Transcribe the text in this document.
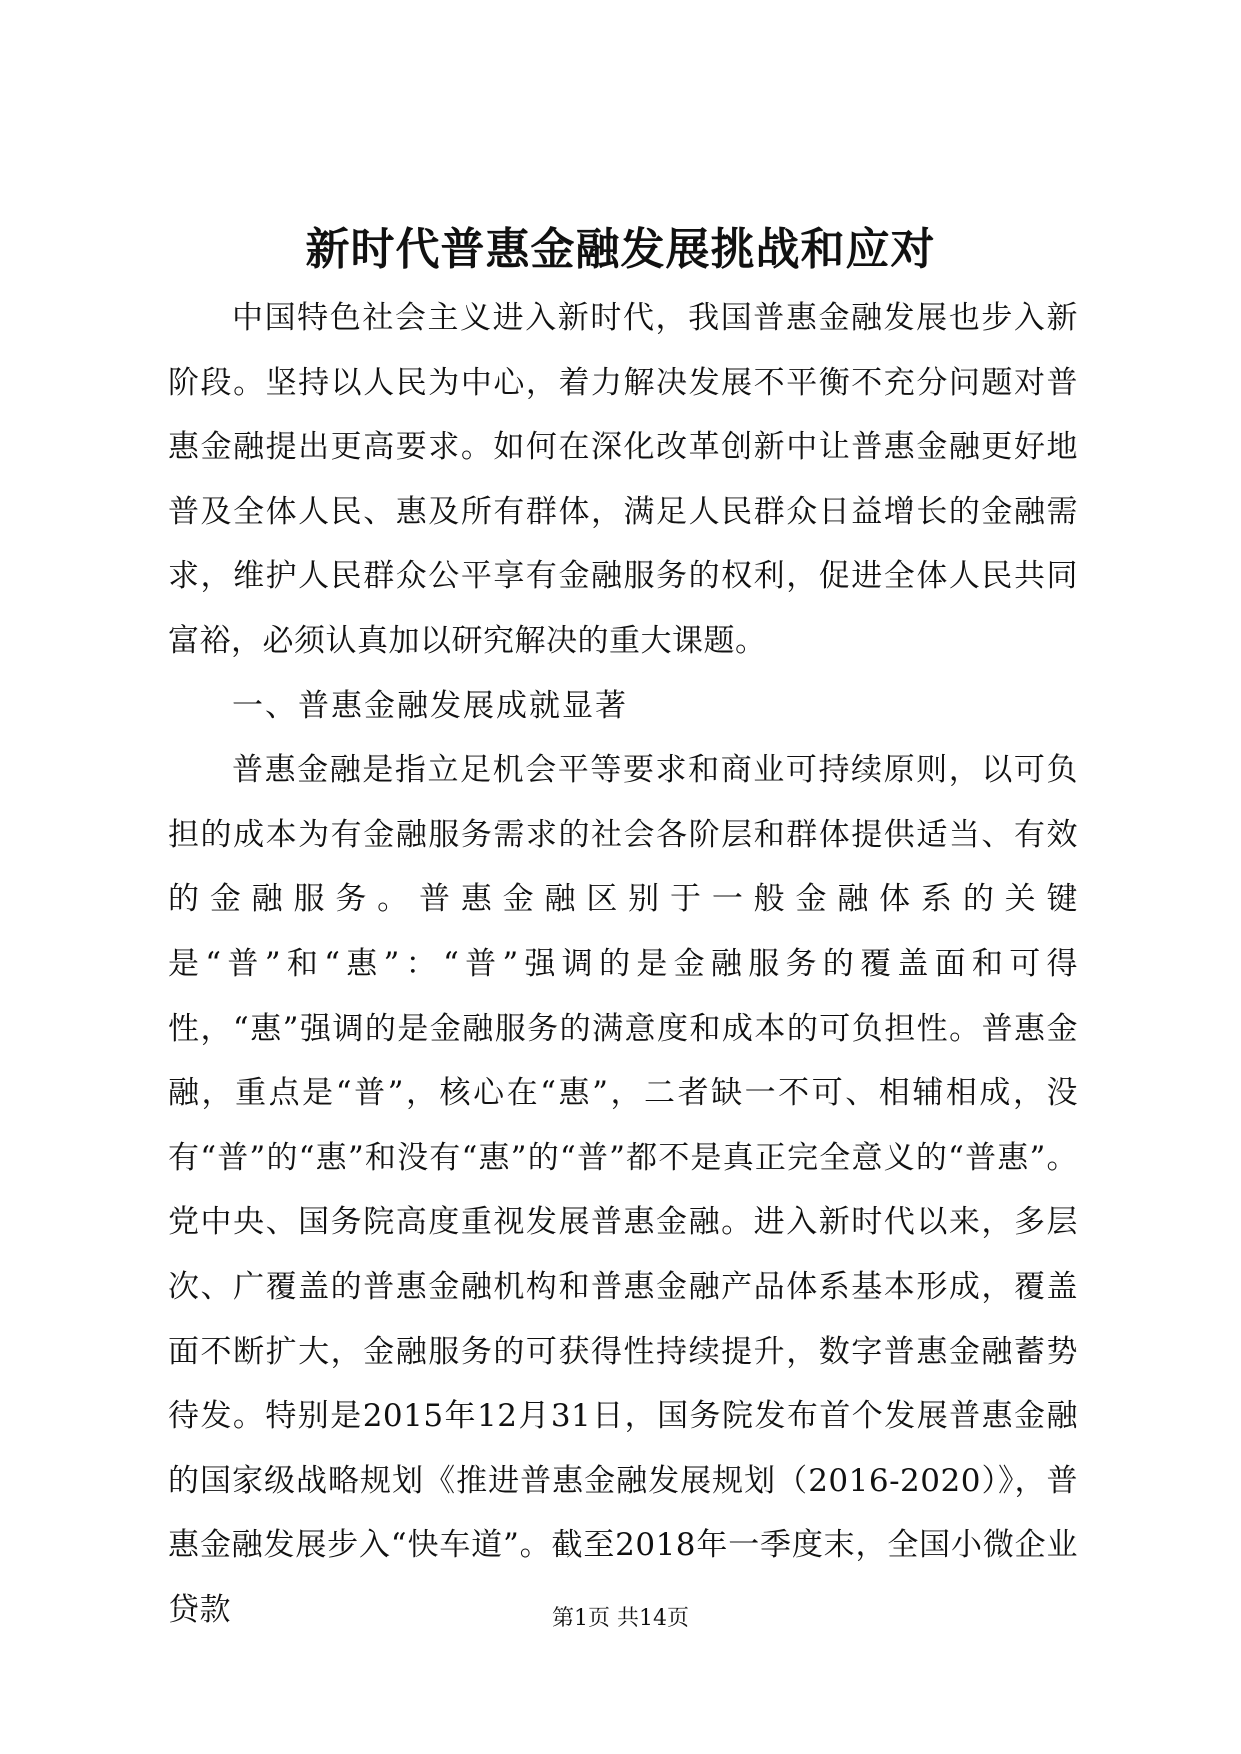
新时代普惠金融发展挑战和应对

中国特色社会主义进入新时代，我国普惠金融发展也步入新阶段。坚持以人民为中心，着力解决发展不平衡不充分问题对普惠金融提出更高要求。如何在深化改革创新中让普惠金融更好地普及全体人民、惠及所有群体，满足人民群众日益增长的金融需求，维护人民群众公平享有金融服务的权利，促进全体人民共同富裕，必须认真加以研究解决的重大课题。

一、普惠金融发展成就显著

普惠金融是指立足机会平等要求和商业可持续原则，以可负担的成本为有金融服务需求的社会各阶层和群体提供适当、有效的金融服务。普惠金融区别于一般金融体系的关键是“普”和“惠”：“普”强调的是金融服务的覆盖面和可得性，“惠”强调的是金融服务的满意度和成本的可负担性。普惠金融，重点是“普”，核心在“惠”，二者缺一不可、相辅相成，没有“普”的“惠”和没有“惠”的“普”都不是真正完全意义的“普惠”。党中央、国务院高度重视发展普惠金融。进入新时代以来，多层次、广覆盖的普惠金融机构和普惠金融产品体系基本形成，覆盖面不断扩大，金融服务的可获得性持续提升，数字普惠金融蓄势待发。特别是2015年12月31日，国务院发布首个发展普惠金融的国家级战略规划《推进普惠金融发展规划（2016-2020）》，普惠金融发展步入“快车道”。截至2018年一季度末，全国小微企业贷款	第1页 共14页
